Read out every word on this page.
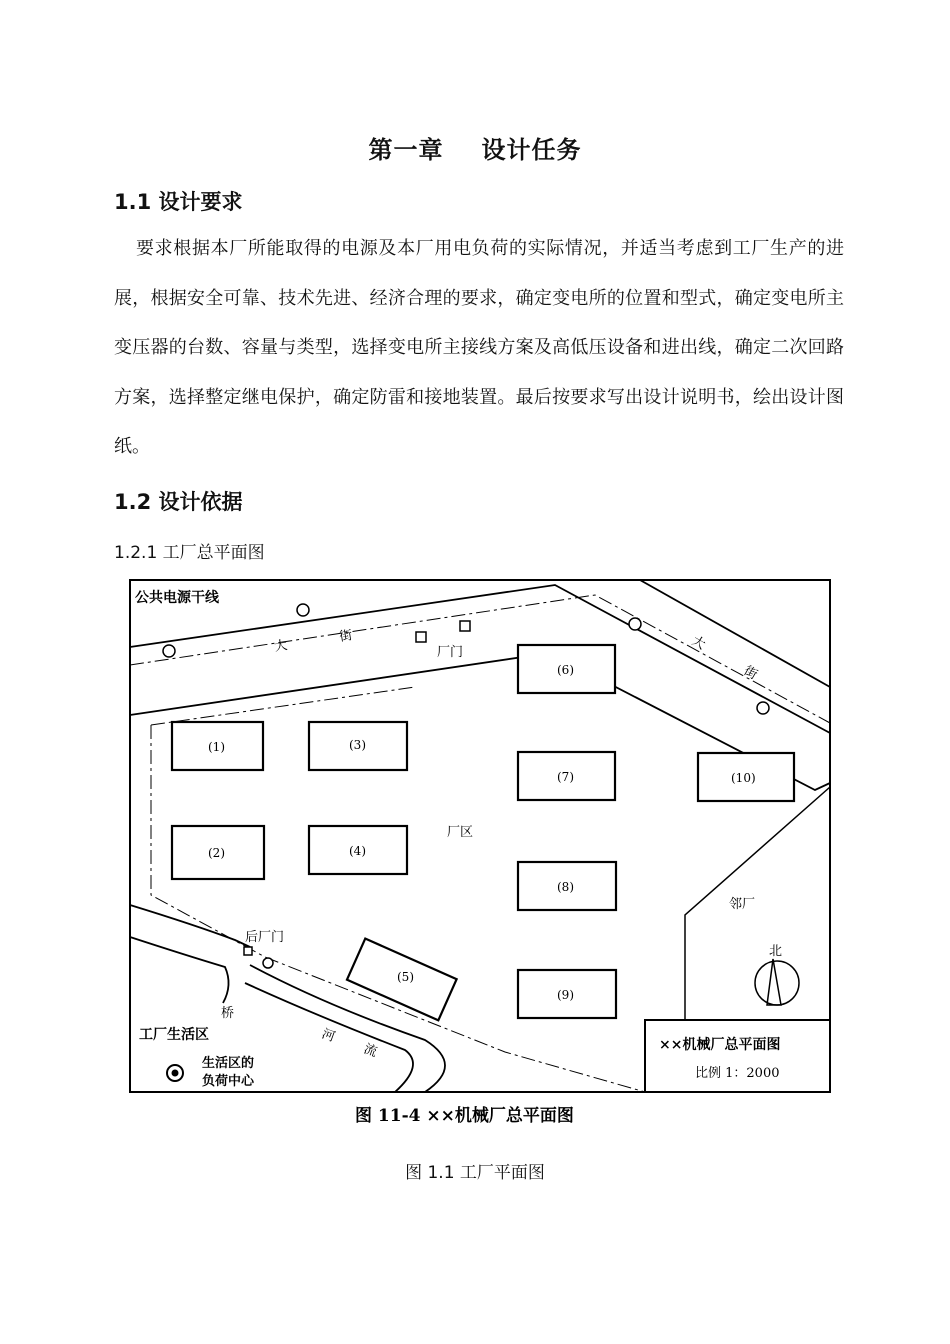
第一章 设计任务
1.1 设计要求

要求根据本厂所能取得的电源及本厂用电负荷的实际情况，并适当考虑到工厂生产的进展，根据安全可靠、技术先进、经济合理的要求，确定变电所的位置和型式，确定变电所主变压器的台数、容量与类型，选择变电所主接线方案及高低压设备和进出线，确定二次回路方案，选择整定继电保护，确定防雷和接地装置。最后按要求写出设计说明书，绘出设计图纸。

1.2 设计依据
1.2.1 工厂总平面图
公共电源干线
大
街	大
街
厂门
后厂门
厂区
邻厂
北
桥
河
流
工厂生活区
生活区的
负荷中心
(1)
(2)
(3)
(4)
(5)
(6)
(7)
(8)
(9)
(10)
××机械厂总平面图
比例 1：2000
图 11-4 ××机械厂总平面图
图 1.1 工厂平面图
